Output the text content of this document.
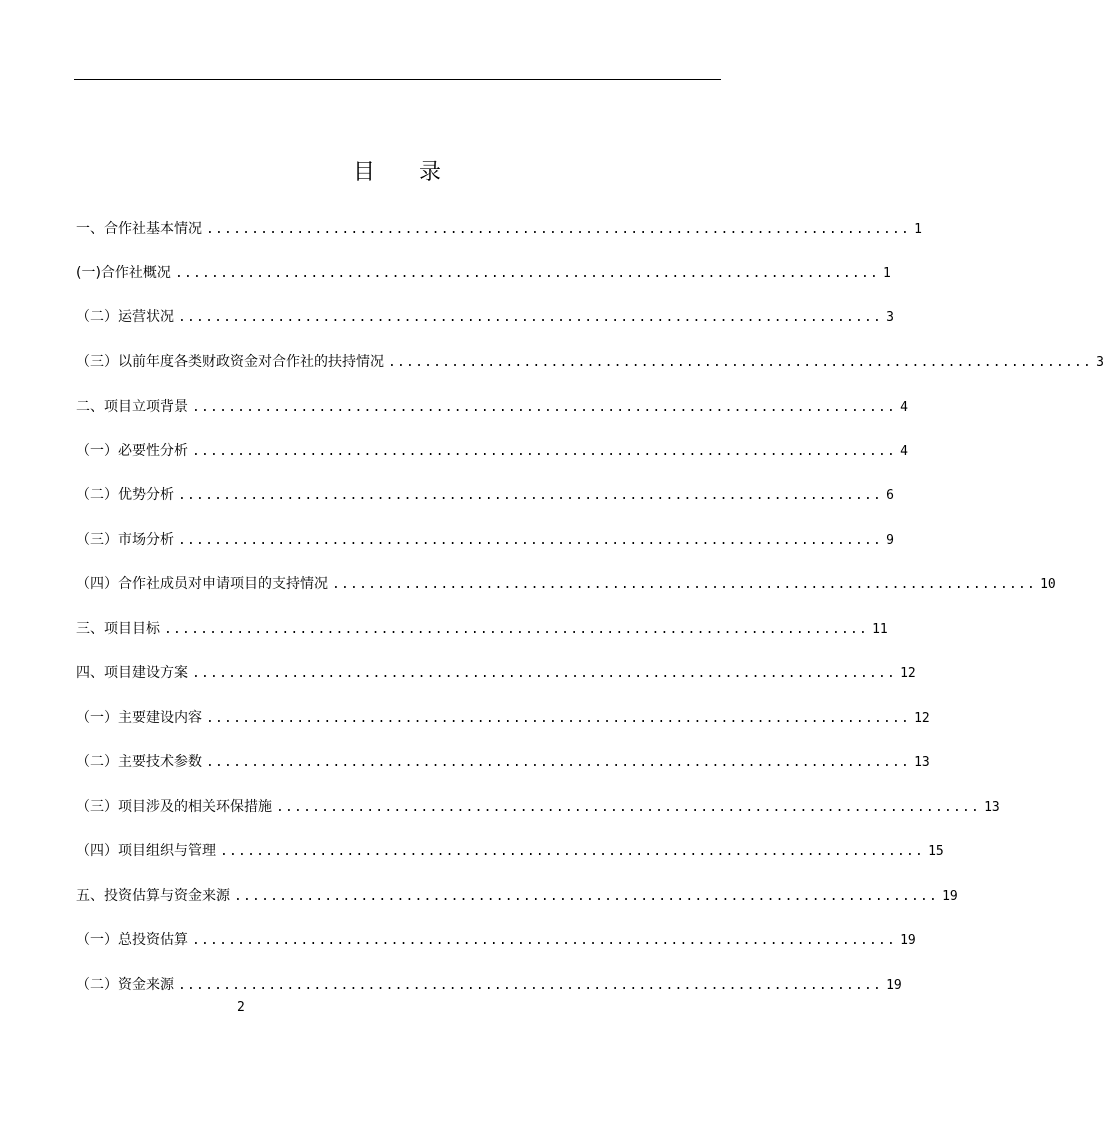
目 录
一、合作社基本情况 .............................................................................. 1
(一)合作社概况 .............................................................................. 1
（二）运营状况 .............................................................................. 3
（三）以前年度各类财政资金对合作社的扶持情况 .............................................................................. 3
二、项目立项背景 .............................................................................. 4
（一）必要性分析 .............................................................................. 4
（二）优势分析 .............................................................................. 6
（三）市场分析 .............................................................................. 9
（四）合作社成员对申请项目的支持情况 .............................................................................. 10
三、项目目标 .............................................................................. 11
四、项目建设方案 .............................................................................. 12
（一）主要建设内容 .............................................................................. 12
（二）主要技术参数 .............................................................................. 13
（三）项目涉及的相关环保措施 .............................................................................. 13
（四）项目组织与管理 .............................................................................. 15
五、投资估算与资金来源 .............................................................................. 19
（一）总投资估算 .............................................................................. 19
（二）资金来源 .............................................................................. 19
2
